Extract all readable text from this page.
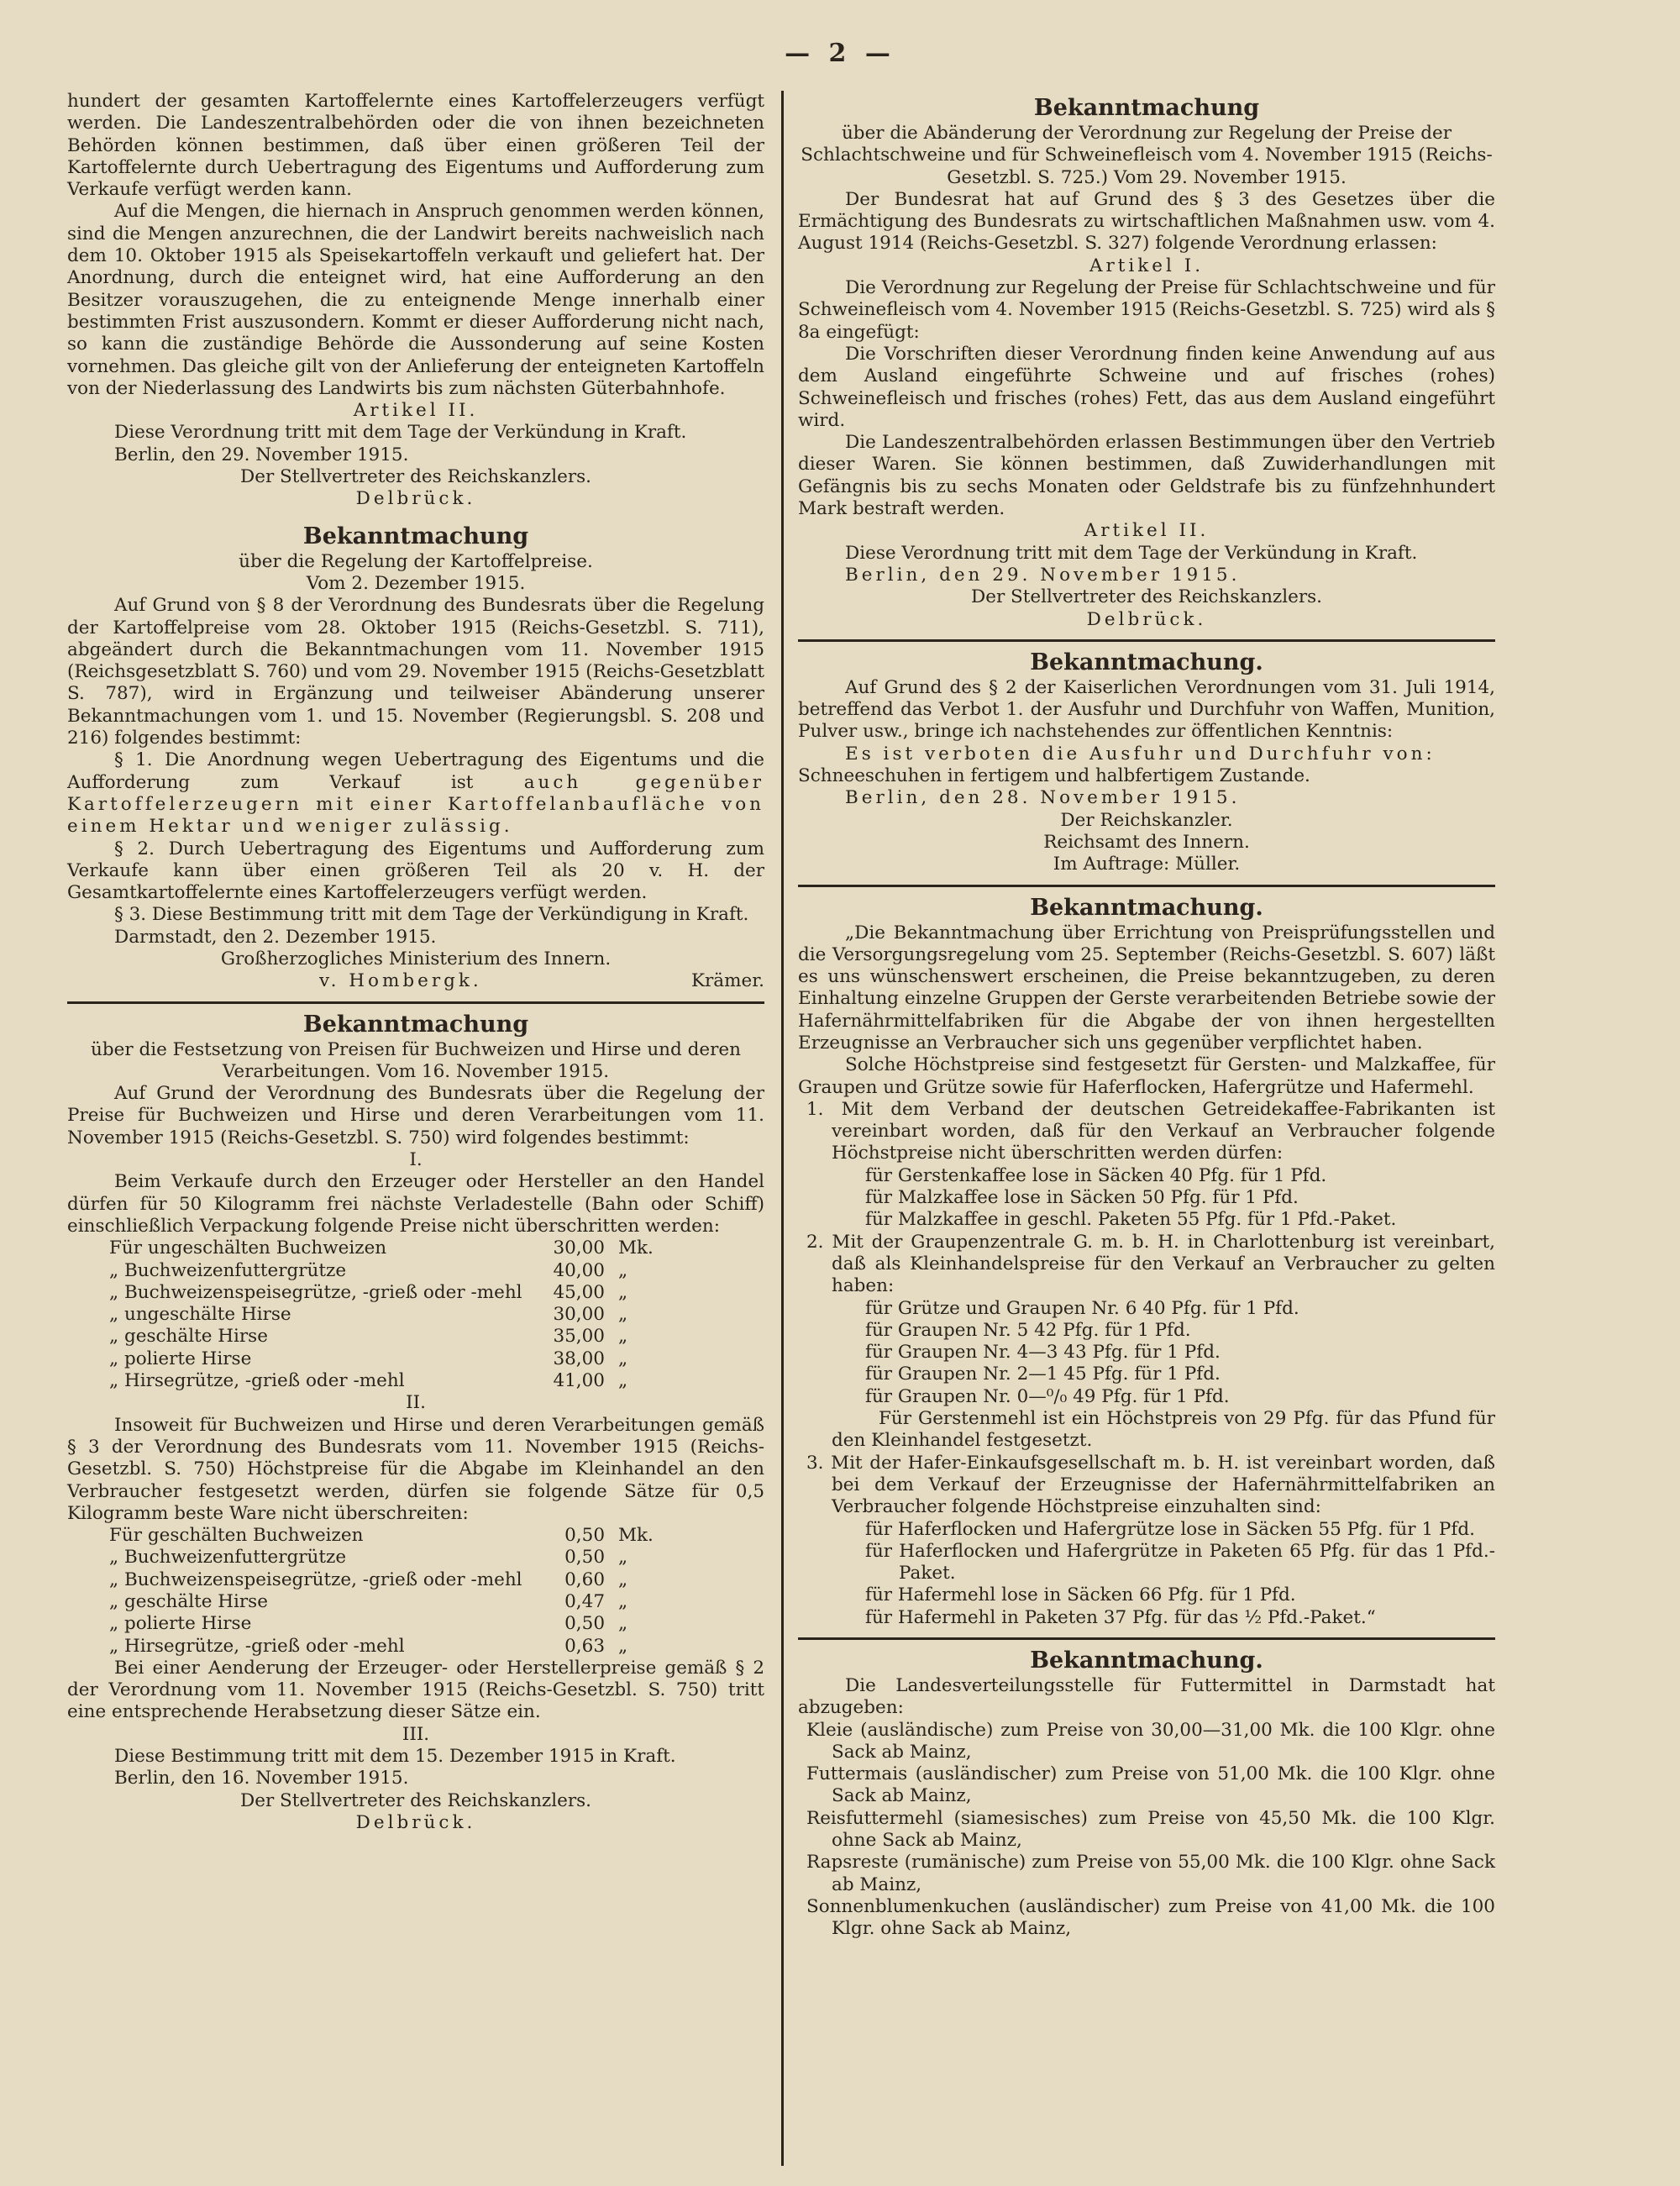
— 2 —

hundert der gesamten Kartoffelernte eines Kartoffelerzeugers verfügt werden. Die Landeszentralbehörden oder die von ihnen bezeichneten Behörden können bestimmen, daß über einen größeren Teil der Kartoffelernte durch Uebertragung des Eigentums und Aufforderung zum Verkaufe verfügt werden kann.

Auf die Mengen, die hiernach in Anspruch genommen werden können, sind die Mengen anzurechnen, die der Landwirt bereits nachweislich nach dem 10. Oktober 1915 als Speisekartoffeln verkauft und geliefert hat. Der Anordnung, durch die enteignet wird, hat eine Aufforderung an den Besitzer vorauszugehen, die zu enteignende Menge innerhalb einer bestimmten Frist auszusondern. Kommt er dieser Aufforderung nicht nach, so kann die zuständige Behörde die Aussonderung auf seine Kosten vornehmen. Das gleiche gilt von der Anlieferung der enteigneten Kartoffeln von der Niederlassung des Landwirts bis zum nächsten Güterbahnhofe.

Artikel II.

Diese Verordnung tritt mit dem Tage der Verkündung in Kraft.

Berlin, den 29. November 1915.

Der Stellvertreter des Reichskanzlers.

Delbrück.

Bekanntmachung

über die Regelung der Kartoffelpreise.

Vom 2. Dezember 1915.

Auf Grund von § 8 der Verordnung des Bundesrats über die Regelung der Kartoffelpreise vom 28. Oktober 1915 (Reichs-Gesetzbl. S. 711), abgeändert durch die Bekanntmachungen vom 11. November 1915 (Reichsgesetzblatt S. 760) und vom 29. November 1915 (Reichs-Gesetzblatt S. 787), wird in Ergänzung und teilweiser Abänderung unserer Bekanntmachungen vom 1. und 15. November (Regierungsbl. S. 208 und 216) folgendes bestimmt:

§ 1. Die Anordnung wegen Uebertragung des Eigentums und die Aufforderung zum Verkauf ist auch gegenüber Kartoffelerzeugern mit einer Kartoffelanbaufläche von einem Hektar und weniger zulässig.

§ 2. Durch Uebertragung des Eigentums und Aufforderung zum Verkaufe kann über einen größeren Teil als 20 v. H. der Gesamtkartoffelernte eines Kartoffelerzeugers verfügt werden.

§ 3. Diese Bestimmung tritt mit dem Tage der Verkündigung in Kraft.

Darmstadt, den 2. Dezember 1915.

Großherzogliches Ministerium des Innern.

v. Hombergk.	Krämer.

Bekanntmachung

über die Festsetzung von Preisen für Buchweizen und Hirse und deren Verarbeitungen. Vom 16. November 1915.

Auf Grund der Verordnung des Bundesrats über die Regelung der Preise für Buchweizen und Hirse und deren Verarbeitungen vom 11. November 1915 (Reichs-Gesetzbl. S. 750) wird folgendes bestimmt:

I.

Beim Verkaufe durch den Erzeuger oder Hersteller an den Handel dürfen für 50 Kilogramm frei nächste Verladestelle (Bahn oder Schiff) einschließlich Verpackung folgende Preise nicht überschritten werden:

Für ungeschälten Buchweizen	30,00 Mk.
„ Buchweizenfuttergrütze	40,00 „
„ Buchweizenspeisegrütze, -grieß oder -mehl	45,00 „
„ ungeschälte Hirse	30,00 „
„ geschälte Hirse	35,00 „
„ polierte Hirse	38,00 „
„ Hirsegrütze, -grieß oder -mehl	41,00 „

II.

Insoweit für Buchweizen und Hirse und deren Verarbeitungen gemäß § 3 der Verordnung des Bundesrats vom 11. November 1915 (Reichs-Gesetzbl. S. 750) Höchstpreise für die Abgabe im Kleinhandel an den Verbraucher festgesetzt werden, dürfen sie folgende Sätze für 0,5 Kilogramm beste Ware nicht überschreiten:

Für geschälten Buchweizen	0,50 Mk.
„ Buchweizenfuttergrütze	0,50 „
„ Buchweizenspeisegrütze, -grieß oder -mehl	0,60 „
„ geschälte Hirse	0,47 „
„ polierte Hirse	0,50 „
„ Hirsegrütze, -grieß oder -mehl	0,63 „

Bei einer Aenderung der Erzeuger- oder Herstellerpreise gemäß § 2 der Verordnung vom 11. November 1915 (Reichs-Gesetzbl. S. 750) tritt eine entsprechende Herabsetzung dieser Sätze ein.

III.

Diese Bestimmung tritt mit dem 15. Dezember 1915 in Kraft.

Berlin, den 16. November 1915.

Der Stellvertreter des Reichskanzlers.

Delbrück.

Bekanntmachung

über die Abänderung der Verordnung zur Regelung der Preise der Schlachtschweine und für Schweinefleisch vom 4. November 1915 (Reichs-Gesetzbl. S. 725.) Vom 29. November 1915.

Der Bundesrat hat auf Grund des § 3 des Gesetzes über die Ermächtigung des Bundesrats zu wirtschaftlichen Maßnahmen usw. vom 4. August 1914 (Reichs-Gesetzbl. S. 327) folgende Verordnung erlassen:

Artikel I.

Die Verordnung zur Regelung der Preise für Schlachtschweine und für Schweinefleisch vom 4. November 1915 (Reichs-Gesetzbl. S. 725) wird als § 8a eingefügt:

Die Vorschriften dieser Verordnung finden keine Anwendung auf aus dem Ausland eingeführte Schweine und auf frisches (rohes) Schweinefleisch und frisches (rohes) Fett, das aus dem Ausland eingeführt wird.

Die Landeszentralbehörden erlassen Bestimmungen über den Vertrieb dieser Waren. Sie können bestimmen, daß Zuwiderhandlungen mit Gefängnis bis zu sechs Monaten oder Geldstrafe bis zu fünfzehnhundert Mark bestraft werden.

Artikel II.

Diese Verordnung tritt mit dem Tage der Verkündung in Kraft.

Berlin, den 29. November 1915.

Der Stellvertreter des Reichskanzlers.

Delbrück.

Bekanntmachung.

Auf Grund des § 2 der Kaiserlichen Verordnungen vom 31. Juli 1914, betreffend das Verbot 1. der Ausfuhr und Durchfuhr von Waffen, Munition, Pulver usw., bringe ich nachstehendes zur öffentlichen Kenntnis:

Es ist verboten die Ausfuhr und Durchfuhr von:

Schneeschuhen in fertigem und halbfertigem Zustande.

Berlin, den 28. November 1915.

Der Reichskanzler.

Reichsamt des Innern.

Im Auftrage: Müller.

Bekanntmachung.

„Die Bekanntmachung über Errichtung von Preisprüfungsstellen und die Versorgungsregelung vom 25. September (Reichs-Gesetzbl. S. 607) läßt es uns wünschenswert erscheinen, die Preise bekanntzugeben, zu deren Einhaltung einzelne Gruppen der Gerste verarbeitenden Betriebe sowie der Hafernährmittelfabriken für die Abgabe der von ihnen hergestellten Erzeugnisse an Verbraucher sich uns gegenüber verpflichtet haben.

Solche Höchstpreise sind festgesetzt für Gersten- und Malzkaffee, für Graupen und Grütze sowie für Haferflocken, Hafergrütze und Hafermehl.

1. Mit dem Verband der deutschen Getreidekaffee-Fabrikanten ist vereinbart worden, daß für den Verkauf an Verbraucher folgende Höchstpreise nicht überschritten werden dürfen:

für Gerstenkaffee lose in Säcken 40 Pfg. für 1 Pfd.

für Malzkaffee lose in Säcken 50 Pfg. für 1 Pfd.

für Malzkaffee in geschl. Paketen 55 Pfg. für 1 Pfd.-Paket.

2. Mit der Graupenzentrale G. m. b. H. in Charlottenburg ist vereinbart, daß als Kleinhandelspreise für den Verkauf an Verbraucher zu gelten haben:

für Grütze und Graupen Nr. 6 40 Pfg. für 1 Pfd.

für Graupen Nr. 5 42 Pfg. für 1 Pfd.

für Graupen Nr. 4—3 43 Pfg. für 1 Pfd.

für Graupen Nr. 2—1 45 Pfg. für 1 Pfd.

für Graupen Nr. 0—⁰/₀ 49 Pfg. für 1 Pfd.

Für Gerstenmehl ist ein Höchstpreis von 29 Pfg. für das Pfund für den Kleinhandel festgesetzt.

3. Mit der Hafer-Einkaufsgesellschaft m. b. H. ist vereinbart worden, daß bei dem Verkauf der Erzeugnisse der Hafernährmittelfabriken an Verbraucher folgende Höchstpreise einzuhalten sind:

für Haferflocken und Hafergrütze lose in Säcken 55 Pfg. für 1 Pfd.

für Haferflocken und Hafergrütze in Paketen 65 Pfg. für das 1 Pfd.-Paket.

für Hafermehl lose in Säcken 66 Pfg. für 1 Pfd.

für Hafermehl in Paketen 37 Pfg. für das ½ Pfd.-Paket.“

Bekanntmachung.

Die Landesverteilungsstelle für Futtermittel in Darmstadt hat abzugeben:

Kleie (ausländische) zum Preise von 30,00—31,00 Mk. die 100 Klgr. ohne Sack ab Mainz,

Futtermais (ausländischer) zum Preise von 51,00 Mk. die 100 Klgr. ohne Sack ab Mainz,

Reisfuttermehl (siamesisches) zum Preise von 45,50 Mk. die 100 Klgr. ohne Sack ab Mainz,

Rapsreste (rumänische) zum Preise von 55,00 Mk. die 100 Klgr. ohne Sack ab Mainz,

Sonnenblumenkuchen (ausländischer) zum Preise von 41,00 Mk. die 100 Klgr. ohne Sack ab Mainz,
